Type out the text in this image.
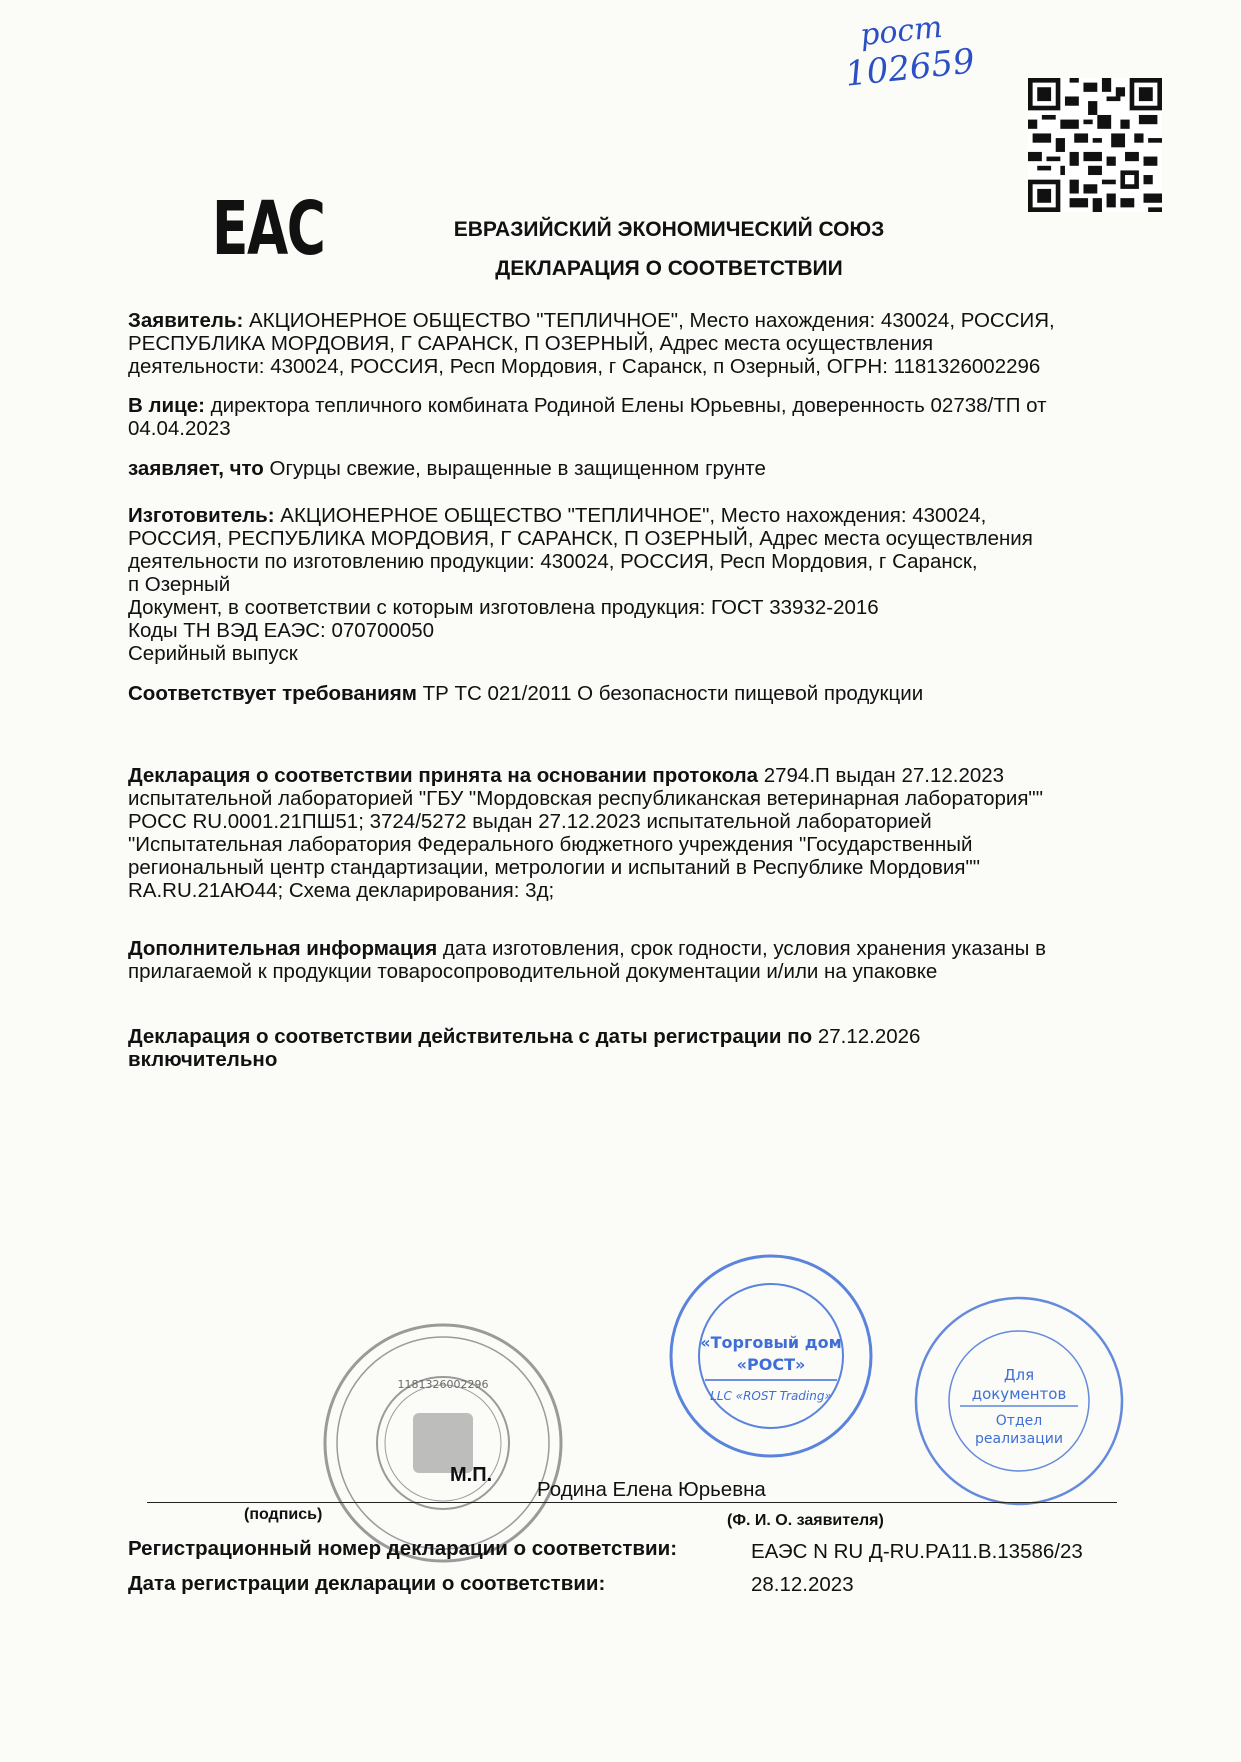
рост
102659
EAC	ЕВРАЗИЙСКИЙ ЭКОНОМИЧЕСКИЙ СОЮЗ
ДЕКЛАРАЦИЯ О СООТВЕТСТВИИ
Заявитель: АКЦИОНЕРНОЕ ОБЩЕСТВО "ТЕПЛИЧНОЕ", Место нахождения: 430024, РОССИЯ,
РЕСПУБЛИКА МОРДОВИЯ, Г САРАНСК, П ОЗЕРНЫЙ, Адрес места осуществления
деятельности: 430024, РОССИЯ, Респ Мордовия, г Саранск, п Озерный, ОГРН: 1181326002296
В лице: директора тепличного комбината Родиной Елены Юрьевны, доверенность 02738/ТП от
04.04.2023
заявляет, что Огурцы свежие, выращенные в защищенном грунте
Изготовитель: АКЦИОНЕРНОЕ ОБЩЕСТВО "ТЕПЛИЧНОЕ", Место нахождения: 430024,
РОССИЯ, РЕСПУБЛИКА МОРДОВИЯ, Г САРАНСК, П ОЗЕРНЫЙ, Адрес места осуществления
деятельности по изготовлению продукции: 430024, РОССИЯ, Респ Мордовия, г Саранск,
п Озерный
Документ, в соответствии с которым изготовлена продукция: ГОСТ 33932-2016
Коды ТН ВЭД ЕАЭС: 070700050
Серийный выпуск
Соответствует требованиям ТР ТС 021/2011 О безопасности пищевой продукции
Декларация о соответствии принята на основании протокола 2794.П выдан 27.12.2023
испытательной лабораторией "ГБУ "Мордовская республиканская ветеринарная лаборатория""
РОСС RU.0001.21ПШ51; 3724/5272 выдан 27.12.2023 испытательной лабораторией
"Испытательная лаборатория Федерального бюджетного учреждения "Государственный
региональный центр стандартизации, метрологии и испытаний в Республике Мордовия""
RA.RU.21АЮ44; Схема декларирования: 3д;
Дополнительная информация дата изготовления, срок годности, условия хранения указаны в
прилагаемой к продукции товаросопроводительной документации и/или на упаковке
Декларация о соответствии действительна с даты регистрации по 27.12.2026
включительно
1181326002296
«Торговый дом
«РОСТ»
LLC «ROST Trading»
Для
документов
Отдел
реализации
М.П.
Родина Елена Юрьевна
(подпись)	(Ф. И. О. заявителя)
Регистрационный номер декларации о соответствии:	ЕАЭС N RU Д-RU.РА11.В.13586/23
Дата регистрации декларации о соответствии:	28.12.2023
